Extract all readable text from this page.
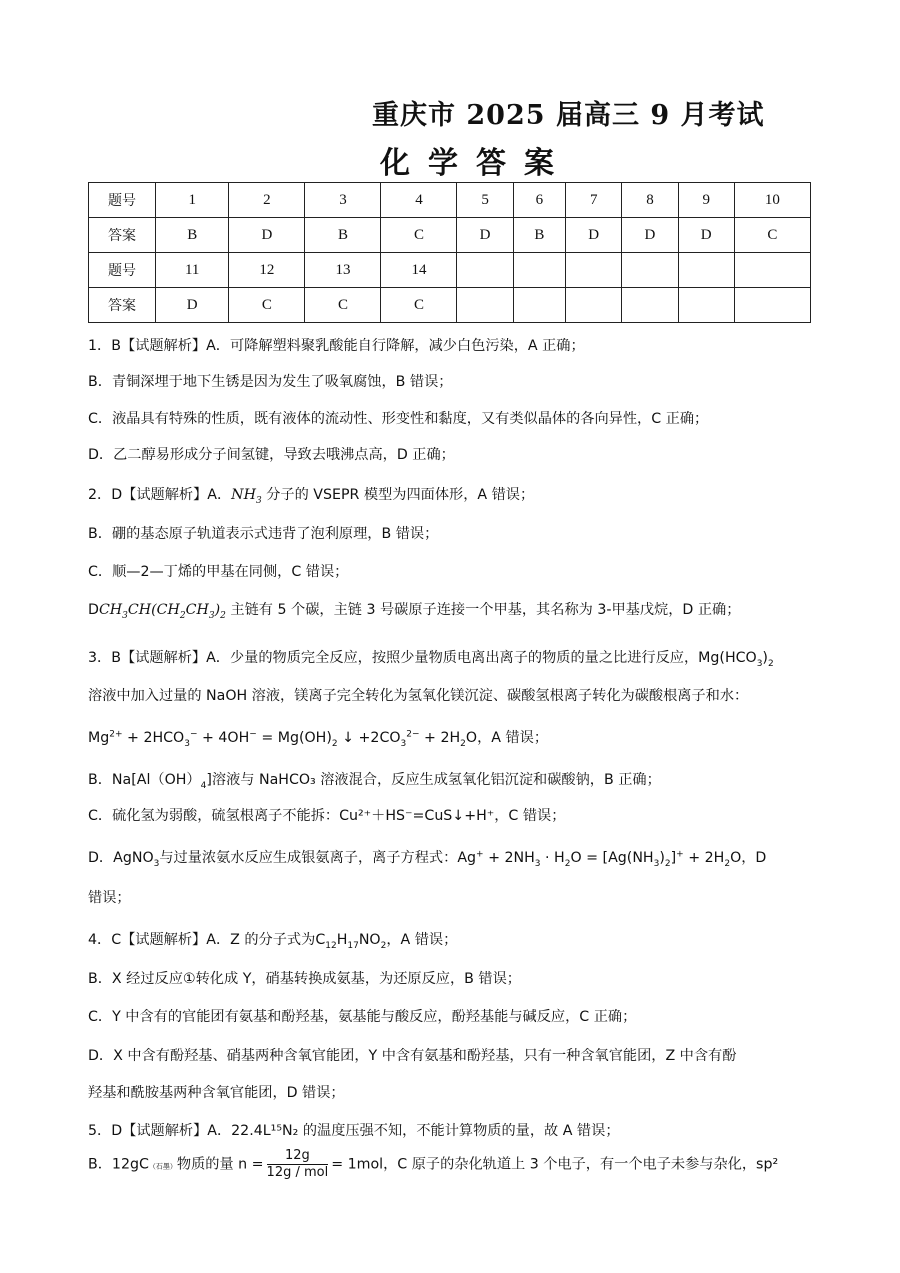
重庆市 2025 届高三 9 月考试
化学答案
题号	1	2	3	4	5	6	7	8	9	10
答案	B	D	B	C	D	B	D	D	D	C
题号	11	12	13	14						
答案	D	C	C	C						
1．B【试题解析】A．可降解塑料聚乳酸能自行降解，减少白色污染，A 正确；
B．青铜深埋于地下生锈是因为发生了吸氧腐蚀，B 错误；
C．液晶具有特殊的性质，既有液体的流动性、形变性和黏度，又有类似晶体的各向异性，C 正确；
D．乙二醇易形成分子间氢键，导致去哦沸点高，D 正确；
2．D【试题解析】A．$NH_3$ 分子的 VSEPR 模型为四面体形，A 错误；
B．硼的基态原子轨道表示式违背了泡利原理，B 错误；
C．顺—2—丁烯的甲基在同侧，C 错误；
$DCH_3CH(CH_2CH_3)_2$ 主链有 5 个碳，主链 3 号碳原子连接一个甲基，其名称为 3-甲基戊烷，D 正确；
3．B【试题解析】A．少量的物质完全反应，按照少量物质电离出离子的物质的量之比进行反应，$Mg(HCO_3)_2$
溶液中加入过量的 NaOH 溶液，镁离子完全转化为氢氧化镁沉淀、碳酸氢根离子转化为碳酸根离子和水：
$Mg^{2+} + 2HCO_3^- + 4OH^- = Mg(OH)_2$ ↓ $+2CO_3^{2-} + 2H_2O$，A 错误；
B．$Na[Al(OH)_4]$溶液与 NaHCO₃ 溶液混合，反应生成氢氧化铝沉淀和碳酸钠，B 正确；
C．硫化氢为弱酸，硫氢根离子不能拆：Cu²⁺＋HS⁻=CuS↓+H⁺，C 错误；
D．AgNO$_3$与过量浓氨水反应生成银氨离子，离子方程式：$Ag^+ + 2NH_3 \cdot H_2O = [Ag(NH_3)_2]^+ + 2H_2O$，D
错误；
4．C【试题解析】A．Z 的分子式为$C_{12}H_{17}NO_2$，A 错误；
B．X 经过反应①转化成 Y，硝基转换成氨基，为还原反应，B 错误；
C．Y 中含有的官能团有氨基和酚羟基，氨基能与酸反应，酚羟基能与碱反应，C 正确；
D．X 中含有酚羟基、硝基两种含氧官能团，Y 中含有氨基和酚羟基，只有一种含氧官能团，Z 中含有酚
羟基和酰胺基两种含氧官能团，D 错误；
5．D【试题解析】A．22.4L¹⁵N₂ 的温度压强不知，不能计算物质的量，故 A 错误；
B．12gC（石墨）物质的量 $n = \frac{12g}{\text{12g / mol}} = 1mol$，C 原子的杂化轨道上 3 个电子，有一个电子未参与杂化，sp²
